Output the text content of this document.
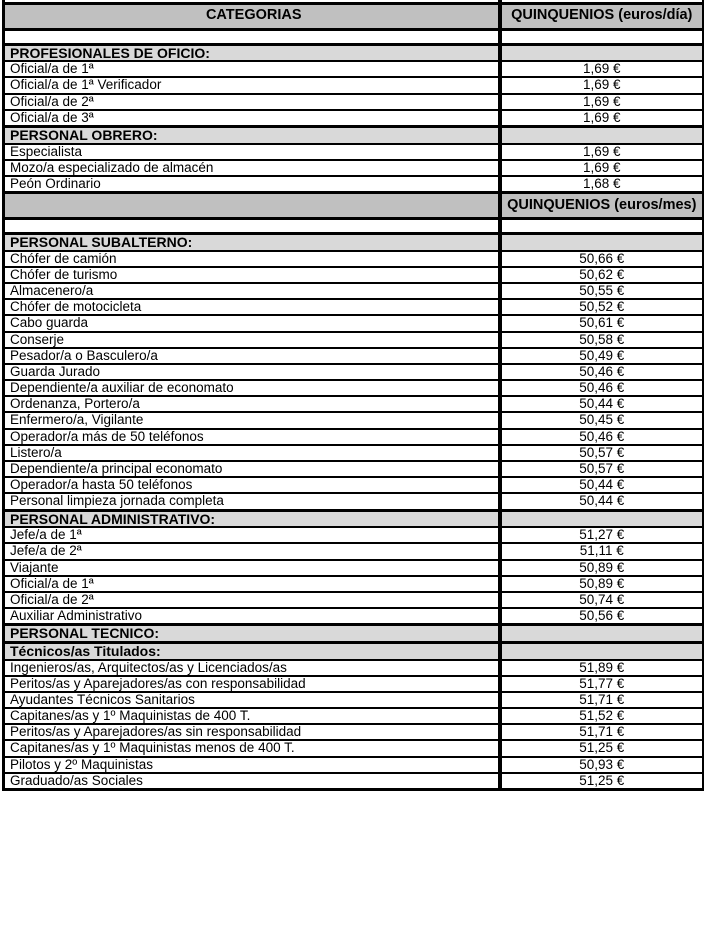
CATEGORIAS	QUINQUENIOS (euros/día)

PROFESIONALES DE OFICIO:	
Oficial/a de 1ª	1,69 €
Oficial/a de 1ª Verificador	1,69 €
Oficial/a de 2ª	1,69 €
Oficial/a de 3ª	1,69 €
PERSONAL OBRERO:	
Especialista	1,69 €
Mozo/a especializado de almacén	1,69 €
Peón Ordinario	1,68 €
	QUINQUENIOS (euros/mes)

PERSONAL SUBALTERNO:	
Chófer de camión	50,66 €
Chófer de turismo	50,62 €
Almacenero/a	50,55 €
Chófer de motocicleta	50,52 €
Cabo guarda	50,61 €
Conserje	50,58 €
Pesador/a o Basculero/a	50,49 €
Guarda Jurado	50,46 €
Dependiente/a auxiliar de economato	50,46 €
Ordenanza, Portero/a	50,44 €
Enfermero/a, Vigilante	50,45 €
Operador/a más de 50 teléfonos	50,46 €
Listero/a	50,57 €
Dependiente/a principal economato	50,57 €
Operador/a hasta 50 teléfonos	50,44 €
Personal limpieza jornada completa	50,44 €
PERSONAL ADMINISTRATIVO:	
Jefe/a de 1ª	51,27 €
Jefe/a de 2ª	51,11 €
Viajante	50,89 €
Oficial/a de 1ª	50,89 €
Oficial/a de 2ª	50,74 €
Auxiliar Administrativo	50,56 €
PERSONAL TECNICO:	
Técnicos/as Titulados:	
Ingenieros/as, Arquitectos/as y Licenciados/as	51,89 €
Peritos/as y Aparejadores/as con responsabilidad	51,77 €
Ayudantes Técnicos Sanitarios	51,71 €
Capitanes/as y 1º Maquinistas de 400 T.	51,52 €
Peritos/as y Aparejadores/as sin responsabilidad	51,71 €
Capitanes/as y 1º Maquinistas menos de 400 T.	51,25 €
Pilotos y 2º Maquinistas	50,93 €
Graduado/as Sociales	51,25 €
